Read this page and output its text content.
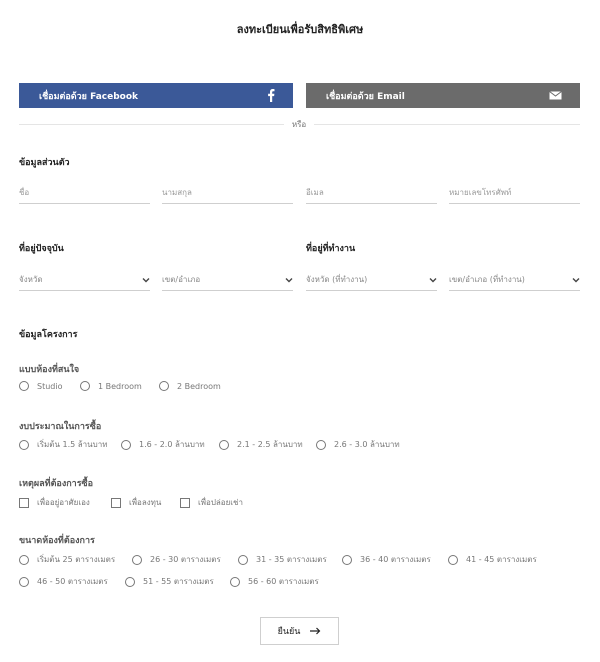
ลงทะเบียนเพื่อรับสิทธิพิเศษ
เชื่อมต่อด้วย Facebook	เชื่อมต่อด้วย Email
หรือ
ข้อมูลส่วนตัว
ชื่อ
นามสกุล
อีเมล
หมายเลขโทรศัพท์
ที่อยู่ปัจจุบัน	ที่อยู่ที่ทำงาน
จังหวัด	เขต/อำเภอ	จังหวัด (ที่ทำงาน)	เขต/อำเภอ (ที่ทำงาน)
ข้อมูลโครงการ
แบบห้องที่สนใจ
Studio	1 Bedroom	2 Bedroom
งบประมาณในการซื้อ
เริ่มต้น 1.5 ล้านบาท	1.6 - 2.0 ล้านบาท	2.1 - 2.5 ล้านบาท	2.6 - 3.0 ล้านบาท
เหตุผลที่ต้องการซื้อ
เพื่ออยู่อาศัยเอง	เพื่อลงทุน	เพื่อปล่อยเช่า
ขนาดห้องที่ต้องการ
เริ่มต้น 25 ตารางเมตร	26 - 30 ตารางเมตร	31 - 35 ตารางเมตร	36 - 40 ตารางเมตร	41 - 45 ตารางเมตร
46 - 50 ตารางเมตร	51 - 55 ตารางเมตร	56 - 60 ตารางเมตร
ยืนยัน
